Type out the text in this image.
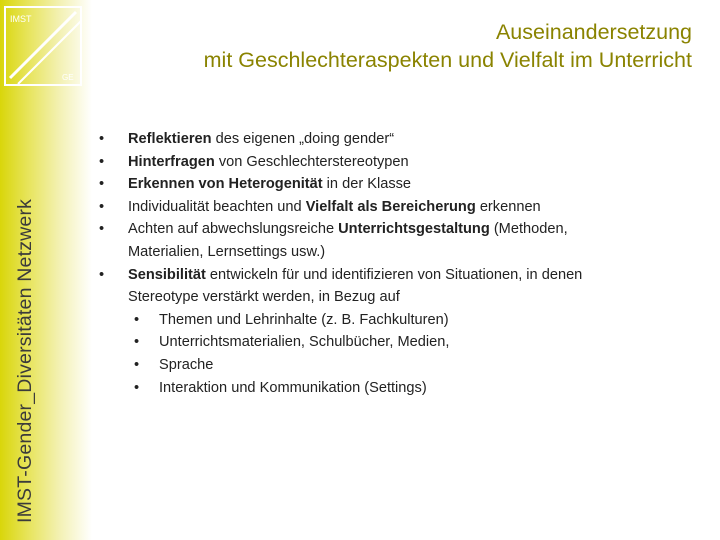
IMST
GE
IMST-Gender_Diversitäten Netzwerk
Auseinandersetzung
mit Geschlechteraspekten und Vielfalt im Unterricht
•	Reflektieren des eigenen „doing gender“
•	Hinterfragen von Geschlechterstereotypen
•	Erkennen von Heterogenität in der Klasse
•	Individualität beachten und Vielfalt als Bereicherung erkennen
•	Achten auf abwechslungsreiche Unterrichtsgestaltung (Methoden,
Materialien, Lernsettings usw.)
•	Sensibilität entwickeln für und identifizieren von Situationen, in denen
Stereotype verstärkt werden, in Bezug auf
•	Themen und Lehrinhalte (z. B. Fachkulturen)
•	Unterrichtsmaterialien, Schulbücher, Medien,
•	Sprache
•	Interaktion und Kommunikation (Settings)
